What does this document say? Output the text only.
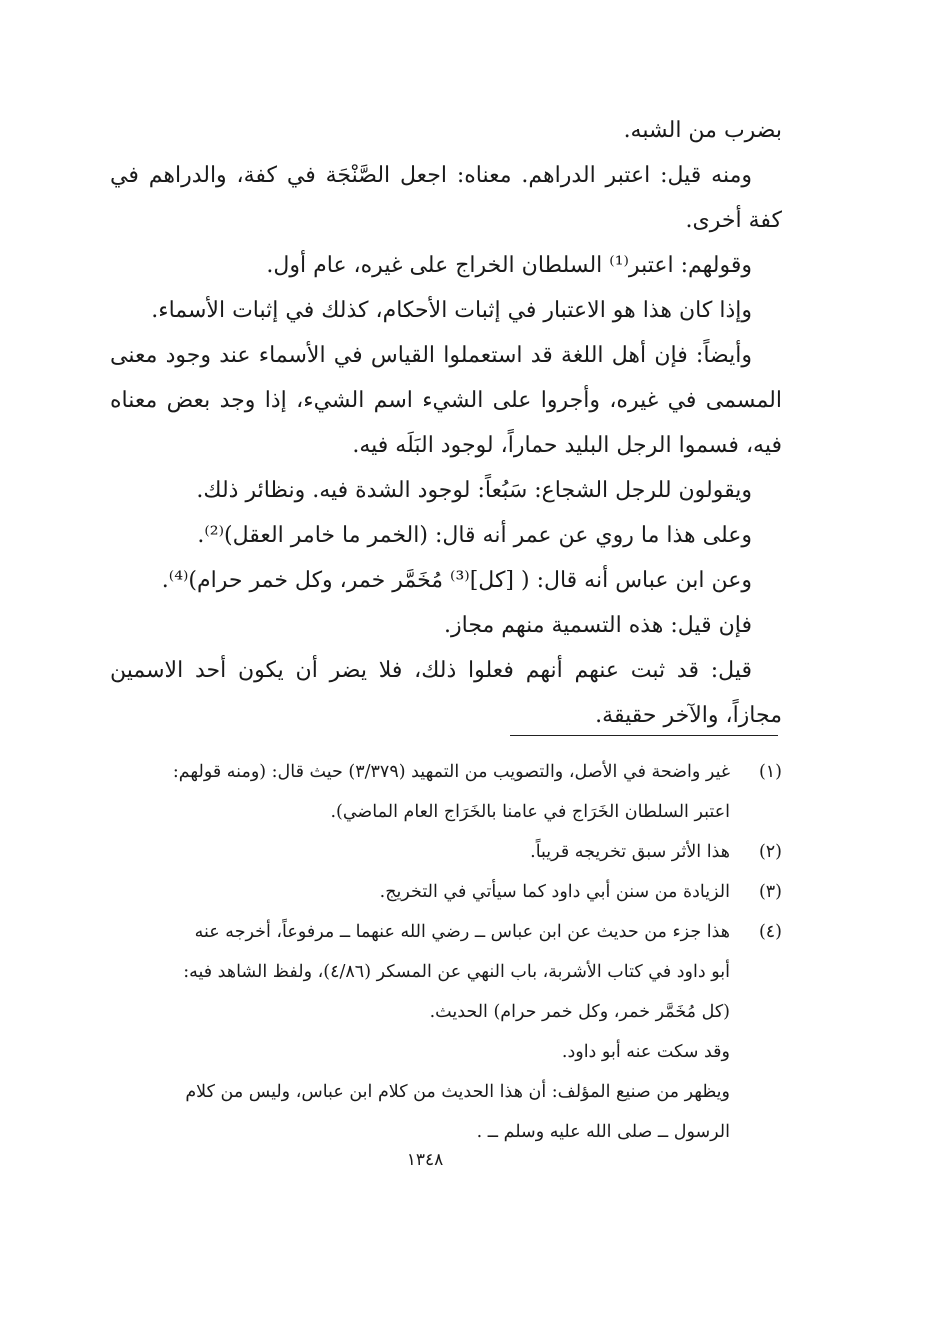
بضرب من الشبه.

ومنه قيل: اعتبر الدراهم. معناه: اجعل الصَّنْجَة في كفة، والدراهم في كفة أخرى.

وقولهم: اعتبر⁽¹⁾ السلطان الخراج على غيره، عام أول.

وإذا كان هذا هو الاعتبار في إثبات الأحكام، كذلك في إثبات الأسماء.

وأيضاً: فإن أهل اللغة قد استعملوا القياس في الأسماء عند وجود معنى المسمى في غيره، وأجروا على الشيء اسم الشيء، إذا وجد بعض معناه فيه، فسموا الرجل البليد حماراً، لوجود البَلَه فيه.

ويقولون للرجل الشجاع: سَبُعاً: لوجود الشدة فيه. ونظائر ذلك.

وعلى هذا ما روي عن عمر أنه قال: (الخمر ما خامر العقل)⁽²⁾.

وعن ابن عباس أنه قال: ( [كل]⁽³⁾ مُخَمَّر خمر، وكل خمر حرام)⁽⁴⁾.

فإن قيل: هذه التسمية منهم مجاز.

قيل: قد ثبت عنهم أنهم فعلوا ذلك، فلا يضر أن يكون أحد الاسمين مجازاً، والآخر حقيقة.

(١)
غير واضحة في الأصل، والتصويب من التمهيد (٣/٣٧٩) حيث قال: (ومنه قولهم:
اعتبر السلطان الخَرَاج في عامنا بالخَرَاج العام الماضي).
(٢)
هذا الأثر سبق تخريجه قريباً.
(٣)
الزيادة من سنن أبي داود كما سيأتي في التخريج.
(٤)
هذا جزء من حديث عن ابن عباس ــ رضي الله عنهما ــ مرفوعاً، أخرجه عنه
أبو داود في كتاب الأشربة، باب النهي عن المسكر (٤/٨٦)، ولفظ الشاهد فيه:
(كل مُخَمَّر خمر، وكل خمر حرام) الحديث.
وقد سكت عنه أبو داود.
ويظهر من صنيع المؤلف: أن هذا الحديث من كلام ابن عباس، وليس من كلام
الرسول ــ صلى الله عليه وسلم ــ .
١٣٤٨
